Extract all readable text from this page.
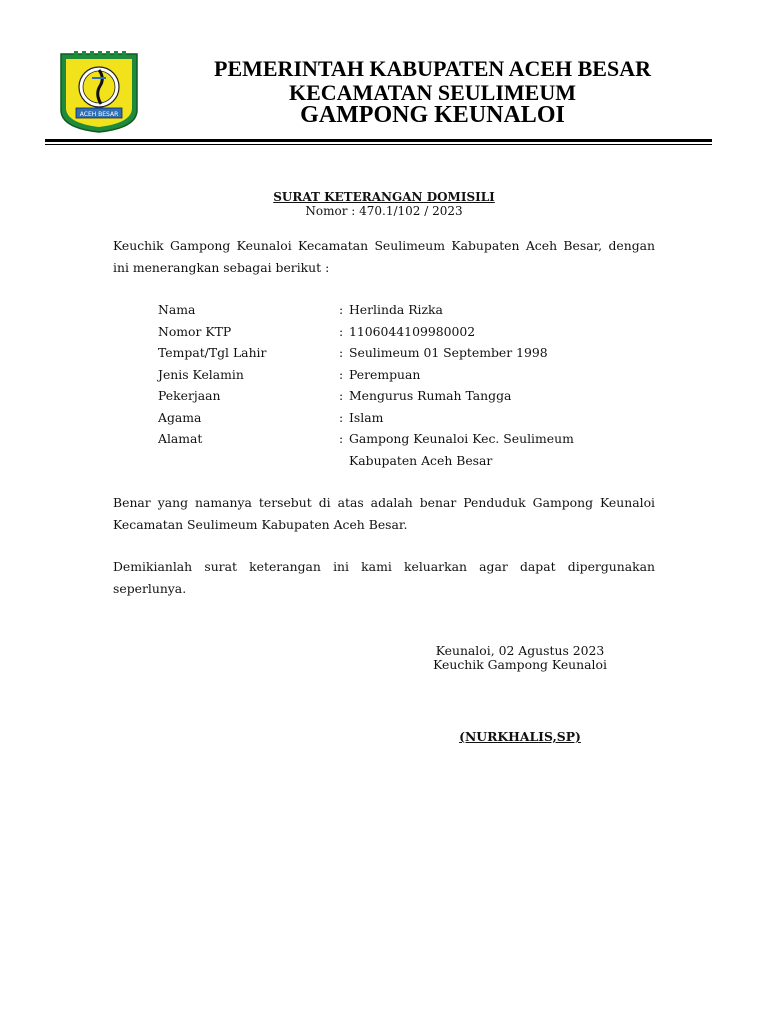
ACEH BESAR
PEMERINTAH KABUPATEN ACEH BESAR
KECAMATAN SEULIMEUM
GAMPONG KEUNALOI
SURAT KETERANGAN DOMISILI
Nomor : 470.1/102 / 2023
Keuchik Gampong Keunaloi Kecamatan Seulimeum Kabupaten Aceh Besar, dengan ini menerangkan sebagai berikut :
Nama	: Herlinda Rizka
Nomor KTP	: 1106044109980002
Tempat/Tgl Lahir	: Seulimeum 01 September 1998
Jenis Kelamin	: Perempuan
Pekerjaan	: Mengurus Rumah Tangga
Agama	: Islam
Alamat	: Gampong Keunaloi Kec. Seulimeum
Kabupaten Aceh Besar
Benar yang namanya tersebut di atas adalah benar Penduduk Gampong Keunaloi Kecamatan Seulimeum Kabupaten Aceh Besar.
Demikianlah surat keterangan ini kami keluarkan agar dapat dipergunakan seperlunya.
Keunaloi, 02 Agustus 2023
Keuchik Gampong Keunaloi
(NURKHALIS,SP)
